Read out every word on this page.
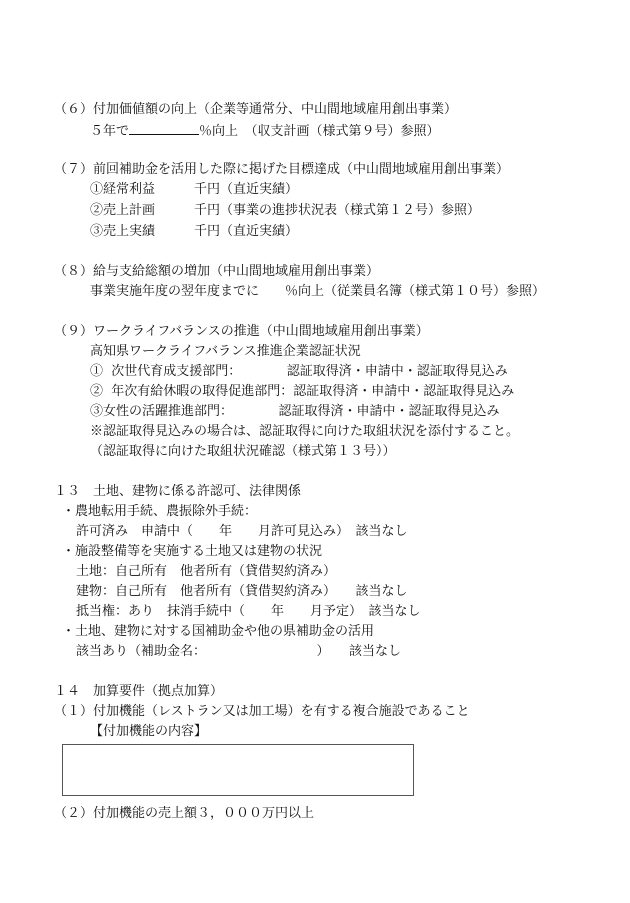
（６）付加価値額の向上（企業等通常分、中山間地域雇用創出事業）
５年で	％向上　（収支計画（様式第９号）参照）
（７）前回補助金を活用した際に掲げた目標達成（中山間地域雇用創出事業）
①経常利益　　　千円（直近実績）
②売上計画　　　千円（事業の進捗状況表（様式第１２号）参照）
③売上実績　　　千円（直近実績）
（８）給与支給総額の増加（中山間地域雇用創出事業）
事業実施年度の翌年度までに　　％向上（従業員名簿（様式第１０号）参照）
（９）ワークライフバランスの推進（中山間地域雇用創出事業）
高知県ワークライフバランス推進企業認証状況
①  次世代育成支援部門：　　　　認証取得済・申請中・認証取得見込み
②  年次有給休暇の取得促進部門：認証取得済・申請中・認証取得見込み
③女性の活躍推進部門：　　　　認証取得済・申請中・認証取得見込み
※認証取得見込みの場合は、認証取得に向けた取組状況を添付すること。
（認証取得に向けた取組状況確認（様式第１３号））
１３　土地、建物に係る許認可、法律関係
・農地転用手続、農振除外手続：
許可済み　申請中（　　年　　月許可見込み）　該当なし
・施設整備等を実施する土地又は建物の状況
土地：自己所有　他者所有（貸借契約済み）
建物：自己所有　他者所有（貸借契約済み）　　該当なし
抵当権：あり　抹消手続中（　　年　　月予定）　該当なし
・土地、建物に対する国補助金や他の県補助金の活用
該当あり（補助金名：　　　　　　　　　）　　該当なし
１４　加算要件（拠点加算）
（１）付加機能（レストラン又は加工場）を有する複合施設であること
【付加機能の内容】
（２）付加機能の売上額３，０００万円以上
